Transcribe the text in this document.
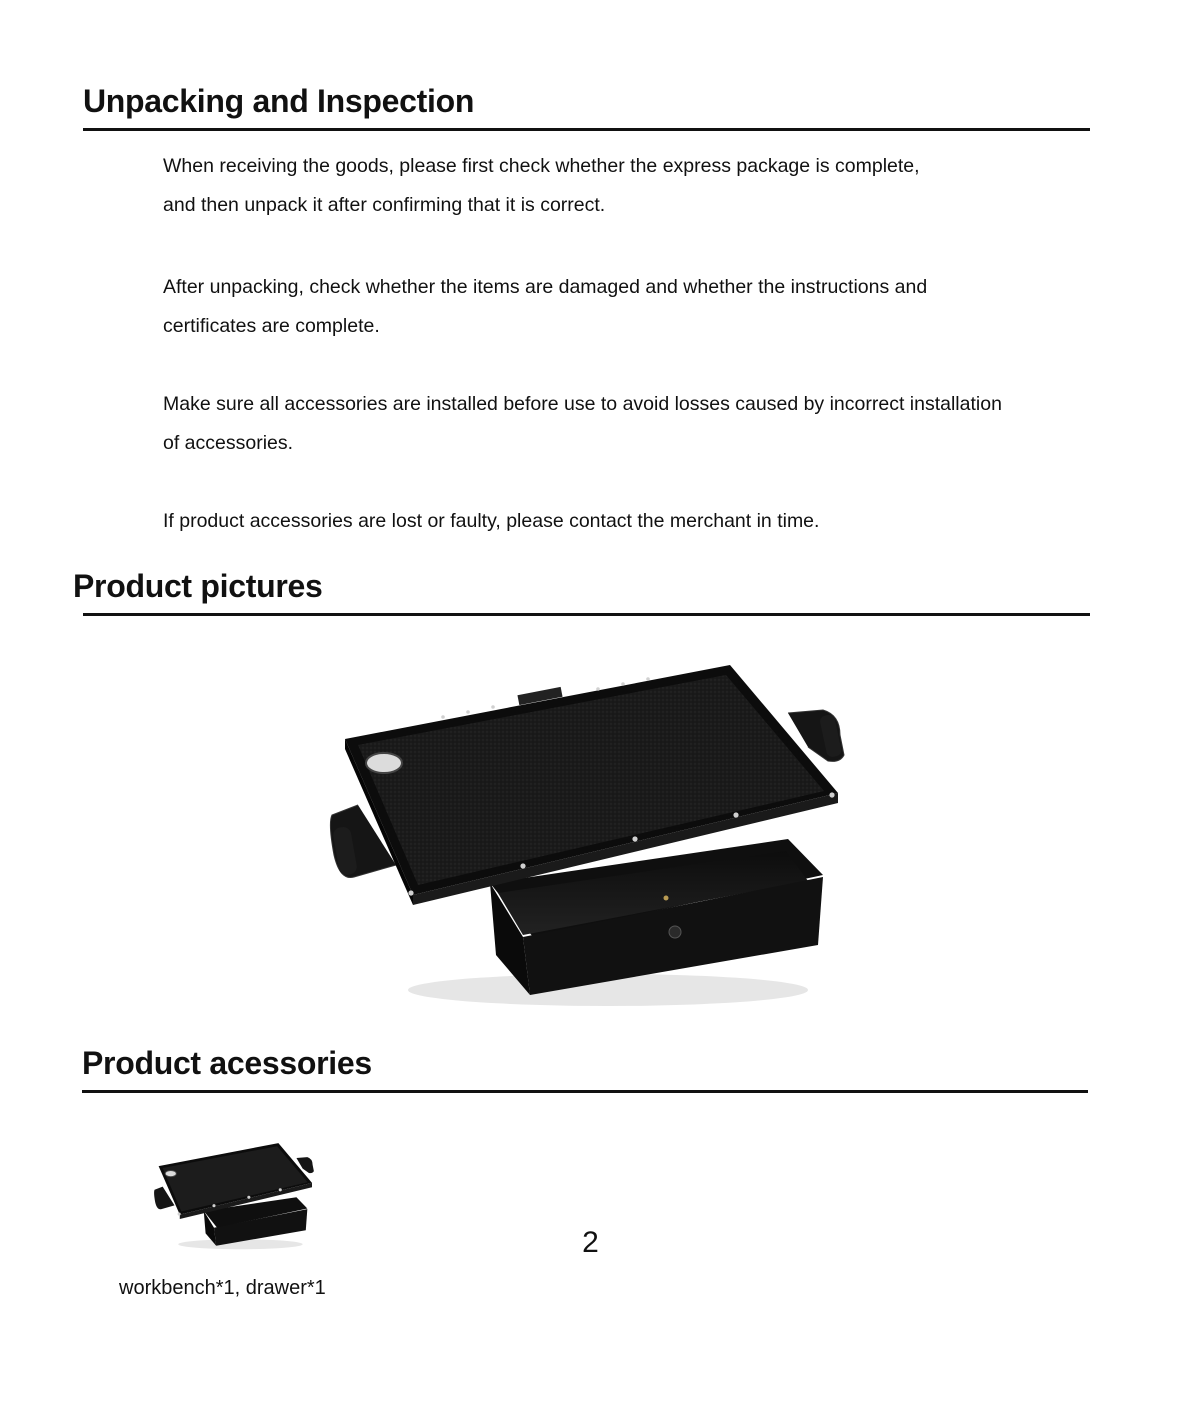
Unpacking and Inspection

When receiving the goods, please first check whether the express package is complete,
and then unpack it after confirming that it is correct.

After unpacking, check whether the items are damaged and whether the instructions and
certificates are complete.

Make sure all accessories are installed before use to avoid losses caused by incorrect installation
of accessories.

If product accessories are lost or faulty, please contact the merchant in time.

Product pictures
Product acessories
workbench*1, drawer*1
2
